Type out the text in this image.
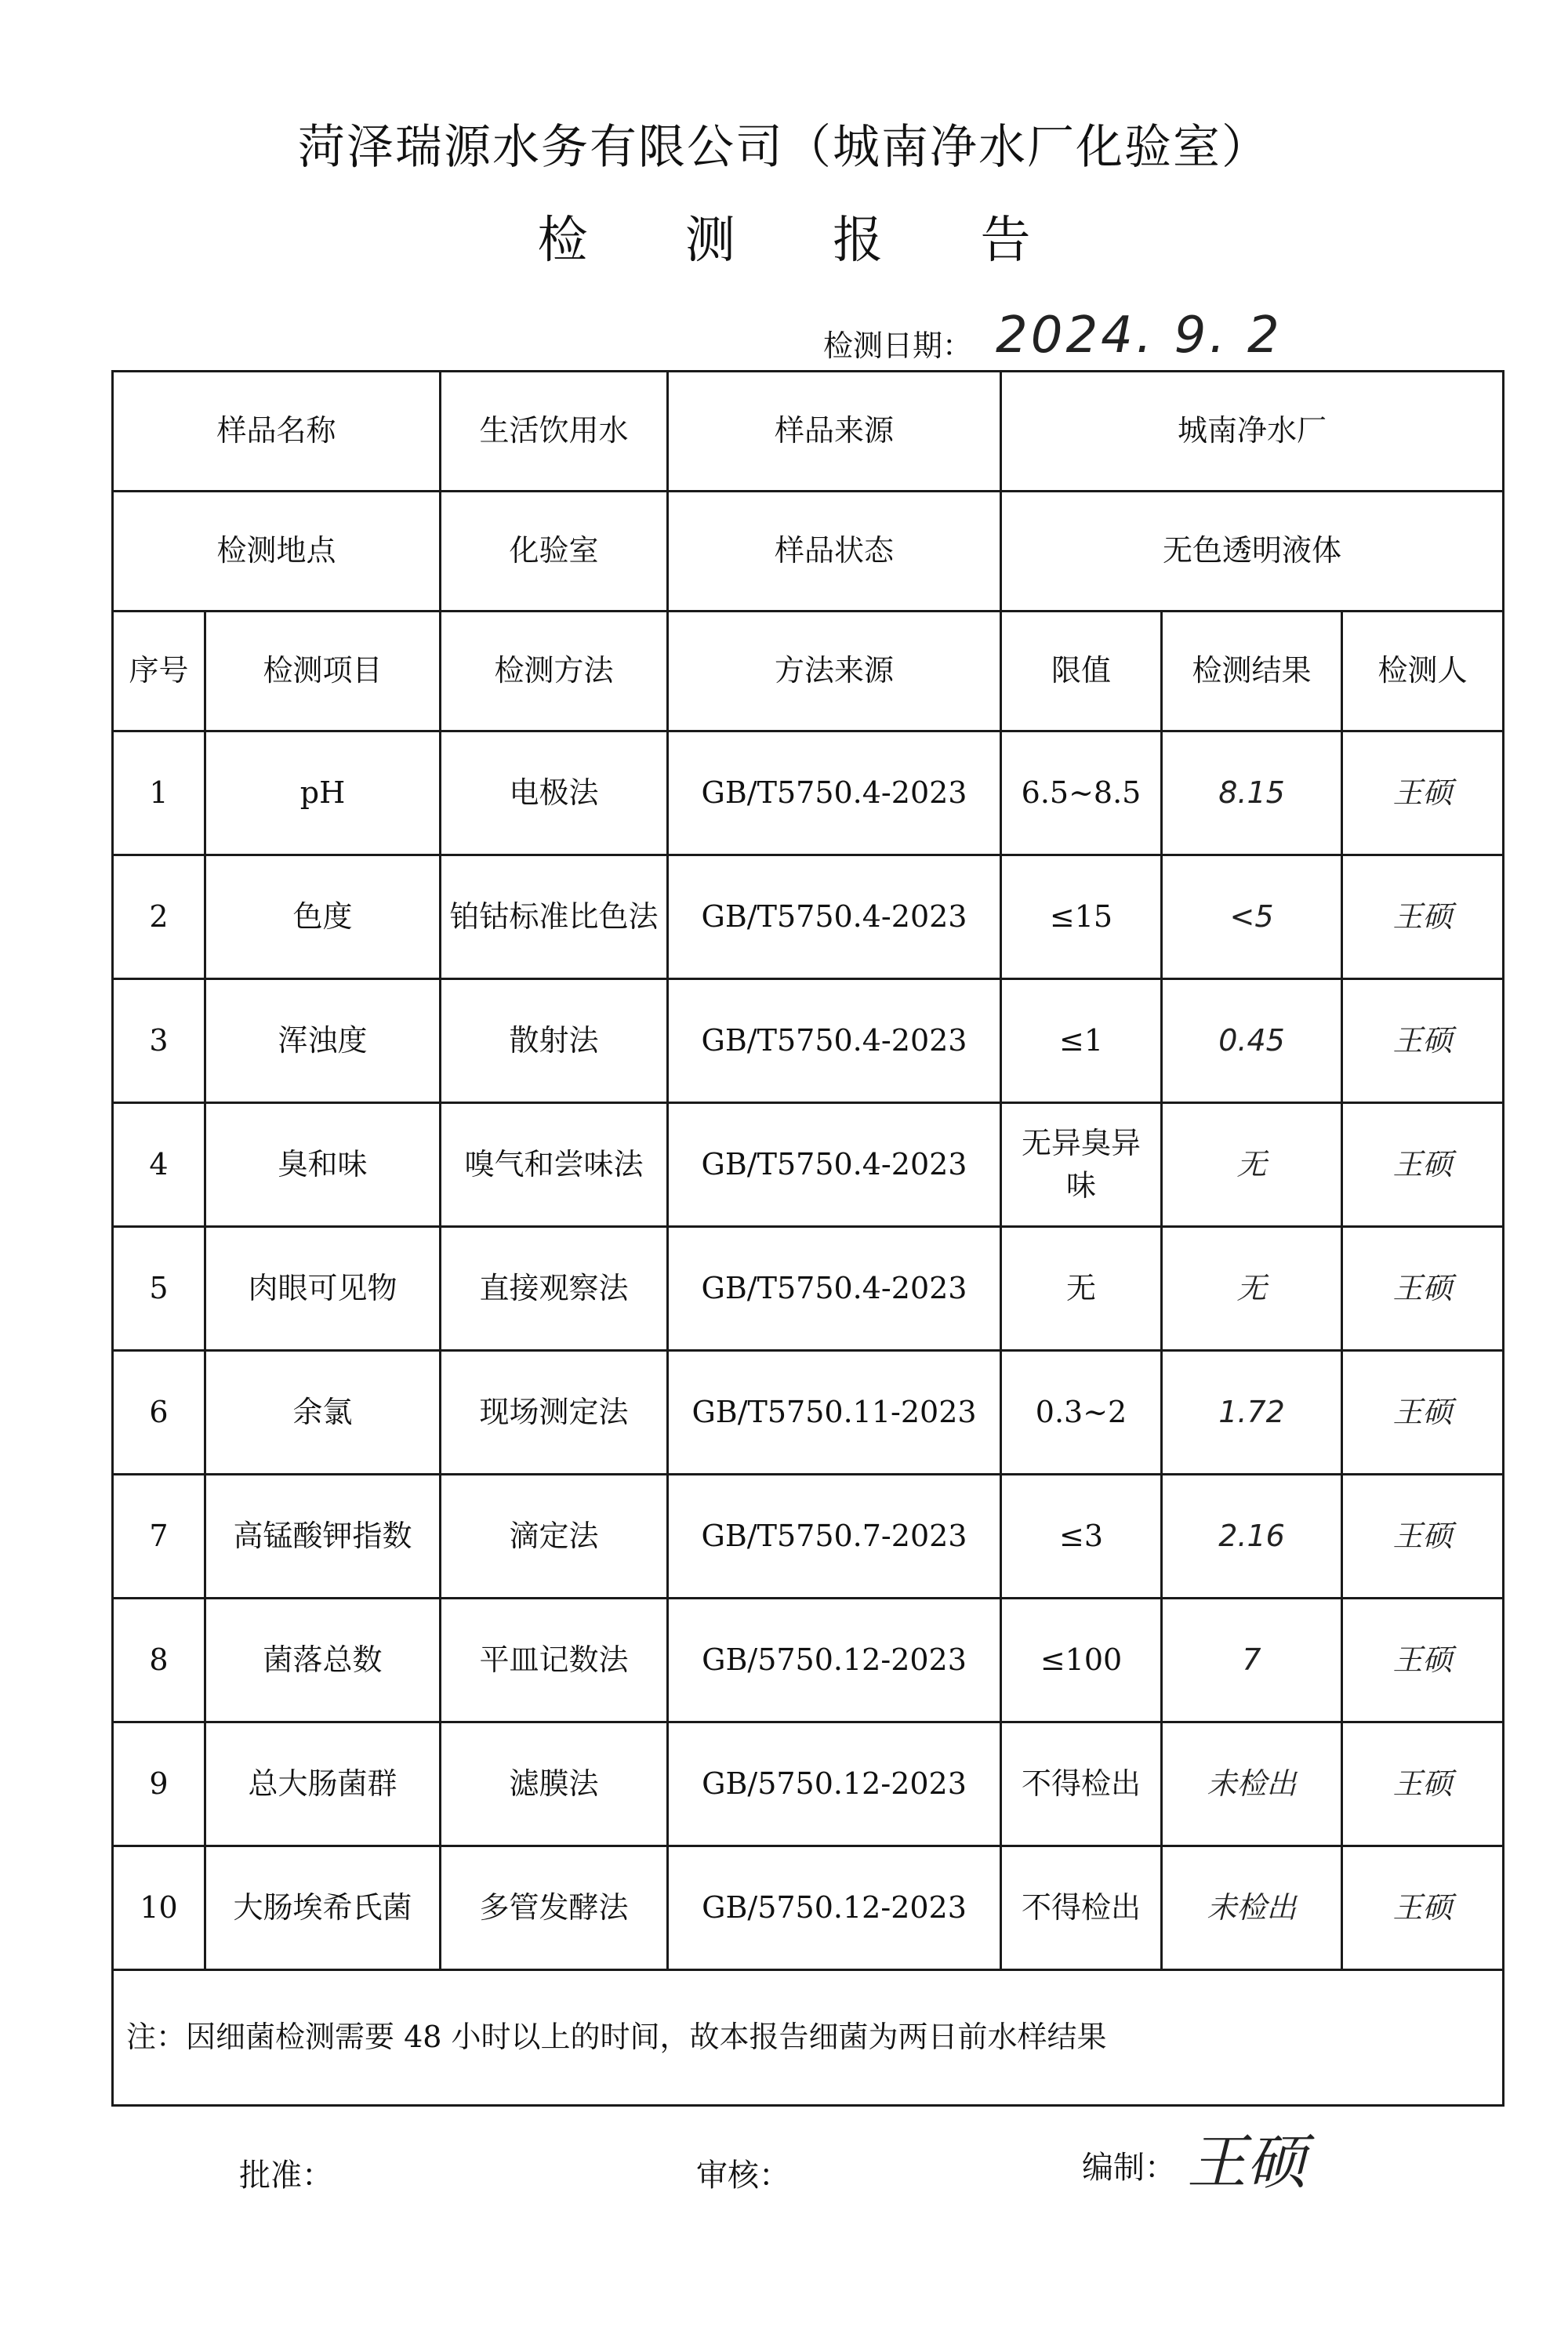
菏泽瑞源水务有限公司（城南净水厂化验室）
检 测 报 告
检测日期： 2024. 9. 2
样品名称		生活饮用水	样品来源	城南净水厂		
检测地点		化验室	样品状态	无色透明液体		
序号	检测项目	检测方法	方法来源	限值	检测结果	检测人
1	pH	电极法	GB/T5750.4-2023	6.5~8.5	8.15	王硕
2	色度	铂钴标准比色法	GB/T5750.4-2023	≤15	<5	王硕
3	浑浊度	散射法	GB/T5750.4-2023	≤1	0.45	王硕
4	臭和味	嗅气和尝味法	GB/T5750.4-2023	无异臭异味	无	王硕
5	肉眼可见物	直接观察法	GB/T5750.4-2023	无	无	王硕
6	余氯	现场测定法	GB/T5750.11-2023	0.3~2	1.72	王硕
7	高锰酸钾指数	滴定法	GB/T5750.7-2023	≤3	2.16	王硕
8	菌落总数	平皿记数法	GB/5750.12-2023	≤100	7	王硕
9	总大肠菌群	滤膜法	GB/5750.12-2023	不得检出	未检出	王硕
10	大肠埃希氏菌	多管发酵法	GB/5750.12-2023	不得检出	未检出	王硕
注：因细菌检测需要 48 小时以上的时间，故本报告细菌为两日前水样结果						
批准：	审核：	编制： 王硕
